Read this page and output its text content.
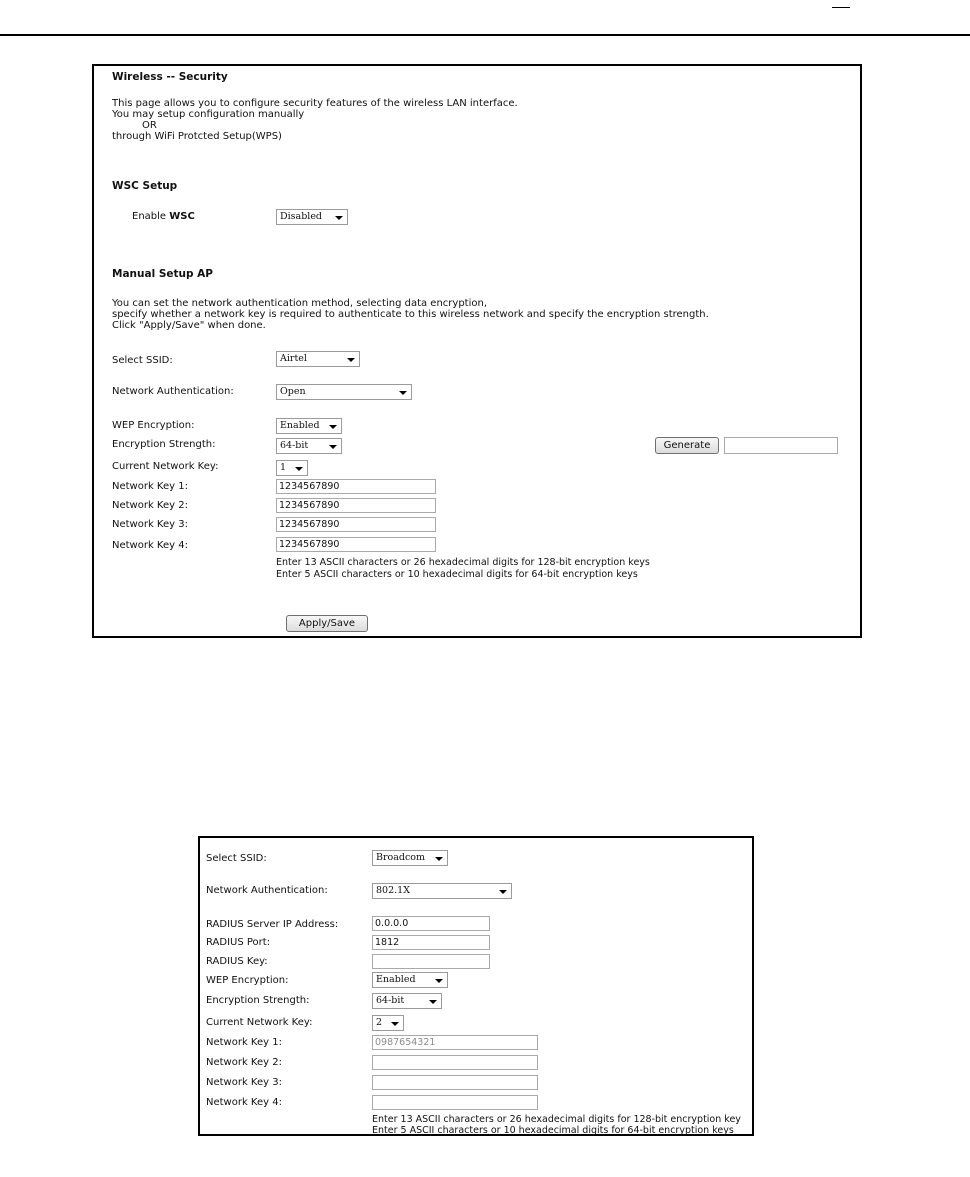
Wireless -- Security
This page allows you to configure security features of the wireless LAN interface.
You may setup configuration manually
OR
through WiFi Protcted Setup(WPS)
WSC Setup
Enable WSC	Disabled
Manual Setup AP
You can set the network authentication method, selecting data encryption,
specify whether a network key is required to authenticate to this wireless network and specify the encryption strength.
Click "Apply/Save" when done.
Select SSID:	Airtel
Network Authentication:	Open
WEP Encryption:	Enabled
Encryption Strength:	64-bit	Generate
Current Network Key:	1
Network Key 1:	1234567890
Network Key 2:	1234567890
Network Key 3:	1234567890
Network Key 4:	1234567890
Enter 13 ASCII characters or 26 hexadecimal digits for 128-bit encryption keys
Enter 5 ASCII characters or 10 hexadecimal digits for 64-bit encryption keys
Apply/Save
Select SSID:	Broadcom
Network Authentication:	802.1X
RADIUS Server IP Address:	0.0.0.0
RADIUS Port:	1812
RADIUS Key:
WEP Encryption:	Enabled
Encryption Strength:	64-bit
Current Network Key:	2
Network Key 1:	0987654321
Network Key 2:
Network Key 3:
Network Key 4:
Enter 13 ASCII characters or 26 hexadecimal digits for 128-bit encryption key
Enter 5 ASCII characters or 10 hexadecimal digits for 64-bit encryption keys
